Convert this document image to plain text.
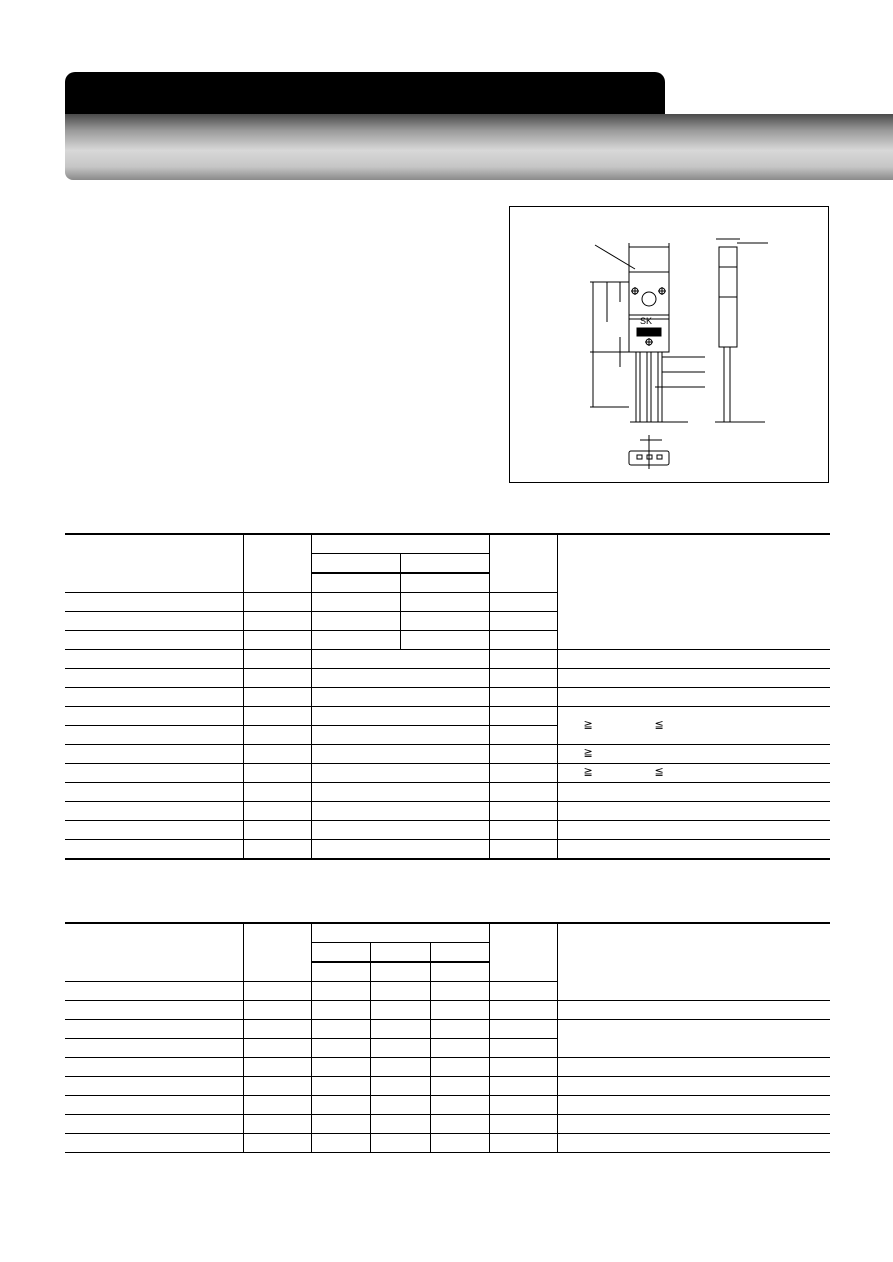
SK

					≧ ≦

					≧

					≧ ≦
